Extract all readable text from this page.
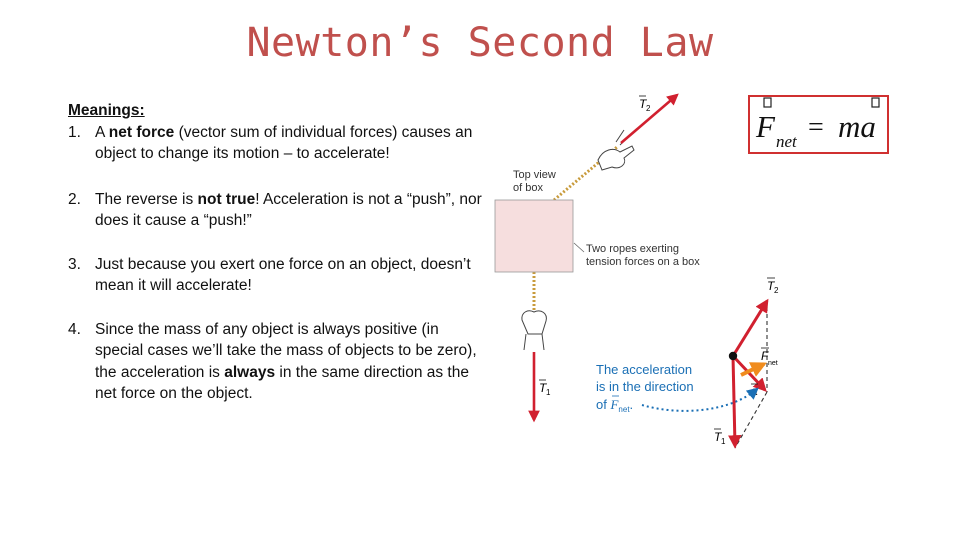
Newton’s Second Law
Meanings:
1. A net force (vector sum of individual forces) causes an object to change its motion – to accelerate!
2. The reverse is not true! Acceleration is not a “push”, nor does it cause a “push!”
3. Just because you exert one force on an object, doesn’t mean it will accelerate!
4. Since the mass of any object is always positive (in special cases we’ll take the mass of objects to be zero), the acceleration is always in the same direction as the net force on the object.
F net = ma
T 2
T 1
Top view of box
Two ropes exerting tension forces on a box
T 2
F
net
a
T 1
The acceleration is in the direction
of $F_{net}$.
